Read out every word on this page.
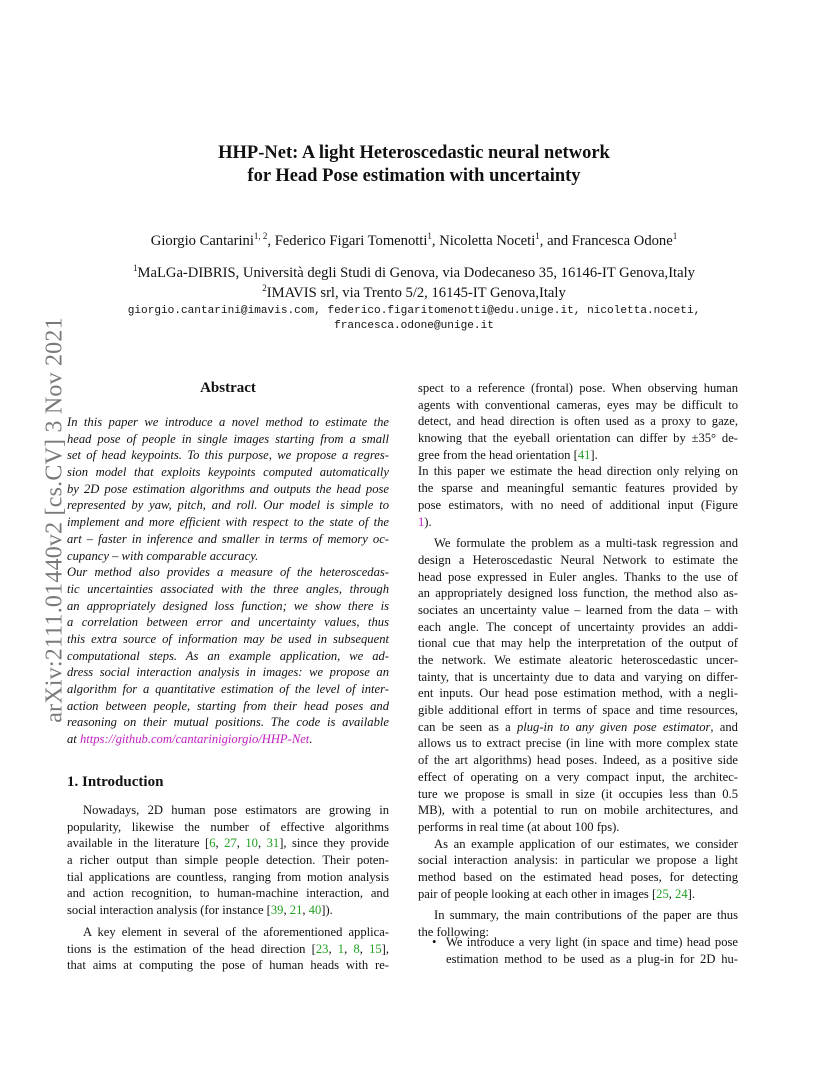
arXiv:2111.01440v2 [cs.CV] 3 Nov 2021
HHP-Net: A light Heteroscedastic neural network
for Head Pose estimation with uncertainty
Giorgio Cantarini$^{1, 2}$, Federico Figari Tomenotti$^1$, Nicoletta Noceti$^1$, and Francesca Odone$^1$
$^1$MaLGa-DIBRIS, Università degli Studi di Genova, via Dodecaneso 35, 16146-IT Genova,Italy
$^2$IMAVIS srl, via Trento 5/2, 16145-IT Genova,Italy
giorgio.cantarini@imavis.com, federico.figaritomenotti@edu.unige.it, nicoletta.noceti,
francesca.odone@unige.it
Abstract
In this paper we introduce a novel method to estimate the
head pose of people in single images starting from a small
set of head keypoints. To this purpose, we propose a regres-
sion model that exploits keypoints computed automatically
by 2D pose estimation algorithms and outputs the head pose
represented by yaw, pitch, and roll. Our model is simple to
implement and more efficient with respect to the state of the
art – faster in inference and smaller in terms of memory oc-
cupancy – with comparable accuracy.
Our method also provides a measure of the heteroscedas-
tic uncertainties associated with the three angles, through
an appropriately designed loss function; we show there is
a correlation between error and uncertainty values, thus
this extra source of information may be used in subsequent
computational steps. As an example application, we ad-
dress social interaction analysis in images: we propose an
algorithm for a quantitative estimation of the level of inter-
action between people, starting from their head poses and
reasoning on their mutual positions. The code is available
at https://github.com/cantarinigiorgio/HHP-Net.
1. Introduction
Nowadays, 2D human pose estimators are growing in
popularity, likewise the number of effective algorithms
available in the literature [6, 27, 10, 31], since they provide
a richer output than simple people detection. Their poten-
tial applications are countless, ranging from motion analysis
and action recognition, to human-machine interaction, and
social interaction analysis (for instance [39, 21, 40]).
A key element in several of the aforementioned applica-
tions is the estimation of the head direction [23, 1, 8, 15],
that aims at computing the pose of human heads with re-
spect to a reference (frontal) pose. When observing human
agents with conventional cameras, eyes may be difficult to
detect, and head direction is often used as a proxy to gaze,
knowing that the eyeball orientation can differ by ±35° de-
gree from the head orientation [41].
In this paper we estimate the head direction only relying on
the sparse and meaningful semantic features provided by
pose estimators, with no need of additional input (Figure
1).
We formulate the problem as a multi-task regression and
design a Heteroscedastic Neural Network to estimate the
head pose expressed in Euler angles. Thanks to the use of
an appropriately designed loss function, the method also as-
sociates an uncertainty value – learned from the data – with
each angle. The concept of uncertainty provides an addi-
tional cue that may help the interpretation of the output of
the network. We estimate aleatoric heteroscedastic uncer-
tainty, that is uncertainty due to data and varying on differ-
ent inputs. Our head pose estimation method, with a negli-
gible additional effort in terms of space and time resources,
can be seen as a plug-in to any given pose estimator, and
allows us to extract precise (in line with more complex state
of the art algorithms) head poses. Indeed, as a positive side
effect of operating on a very compact input, the architec-
ture we propose is small in size (it occupies less than 0.5
MB), with a potential to run on mobile architectures, and
performs in real time (at about 100 fps).
As an example application of our estimates, we consider
social interaction analysis: in particular we propose a light
method based on the estimated head poses, for detecting
pair of people looking at each other in images [25, 24].
In summary, the main contributions of the paper are thus
the following:
• We introduce a very light (in space and time) head pose
estimation method to be used as a plug-in for 2D hu-
